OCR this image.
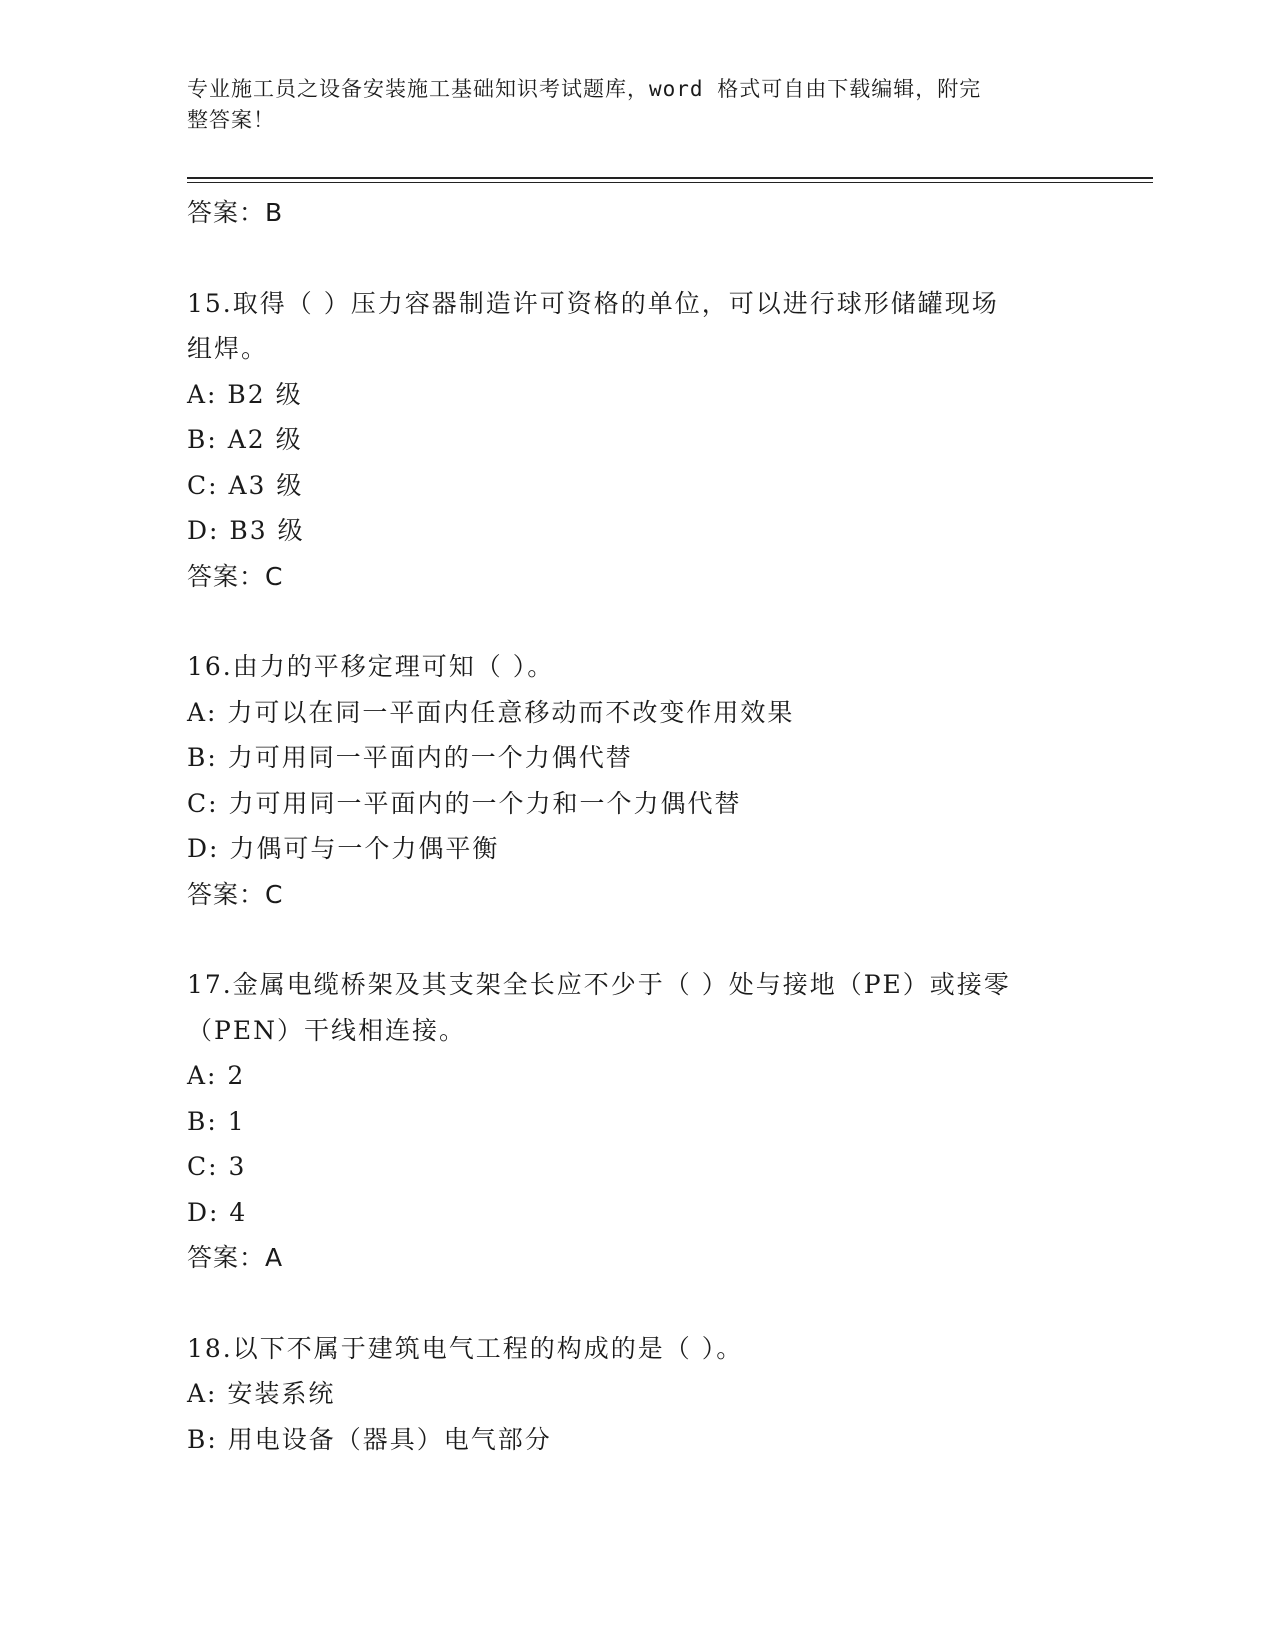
专业施工员之设备安装施工基础知识考试题库，word 格式可自由下载编辑，附完
整答案！
答案：B
15.取得（ ）压力容器制造许可资格的单位，可以进行球形储罐现场
组焊。
A: B2 级
B: A2 级
C: A3 级
D: B3 级
答案：C
16.由力的平移定理可知（ ）。
A: 力可以在同一平面内任意移动而不改变作用效果
B: 力可用同一平面内的一个力偶代替
C: 力可用同一平面内的一个力和一个力偶代替
D: 力偶可与一个力偶平衡
答案：C
17.金属电缆桥架及其支架全长应不少于（ ）处与接地（PE）或接零
（PEN）干线相连接。
A: 2
B: 1
C: 3
D: 4
答案：A
18.以下不属于建筑电气工程的构成的是（ ）。
A: 安装系统
B: 用电设备（器具）电气部分
